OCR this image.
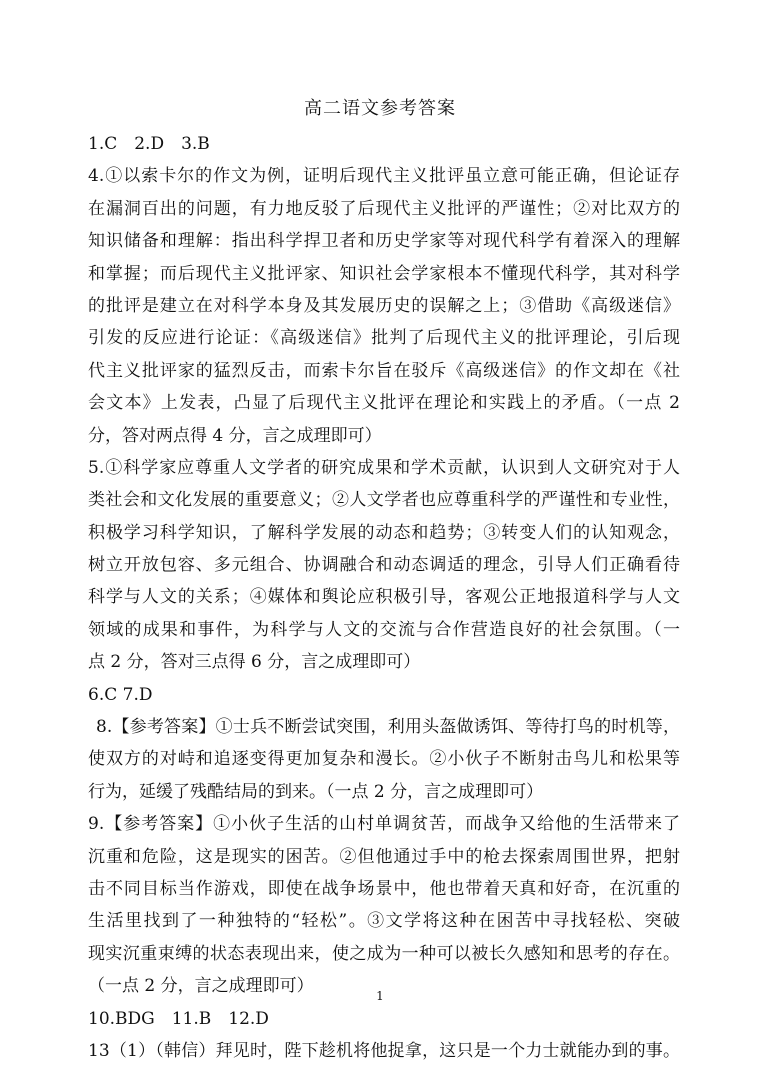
高二语文参考答案
1.C　2.D　3.B
4.①以索卡尔的作文为例，证明后现代主义批评虽立意可能正确，但论证存
在漏洞百出的问题，有力地反驳了后现代主义批评的严谨性；②对比双方的
知识储备和理解：指出科学捍卫者和历史学家等对现代科学有着深入的理解
和掌握；而后现代主义批评家、知识社会学家根本不懂现代科学，其对科学
的批评是建立在对科学本身及其发展历史的误解之上；③借助《高级迷信》
引发的反应进行论证：《高级迷信》批判了后现代主义的批评理论，引后现
代主义批评家的猛烈反击，而索卡尔旨在驳斥《高级迷信》的作文却在《社
会文本》上发表，凸显了后现代主义批评在理论和实践上的矛盾。（一点 2
分，答对两点得 4 分，言之成理即可）
5.①科学家应尊重人文学者的研究成果和学术贡献，认识到人文研究对于人
类社会和文化发展的重要意义；②人文学者也应尊重科学的严谨性和专业性，
积极学习科学知识，了解科学发展的动态和趋势；③转变人们的认知观念，
树立开放包容、多元组合、协调融合和动态调适的理念，引导人们正确看待
科学与人文的关系；④媒体和舆论应积极引导，客观公正地报道科学与人文
领域的成果和事件，为科学与人文的交流与合作营造良好的社会氛围。（一
点 2 分，答对三点得 6 分，言之成理即可）
6.C 7.D
8.【参考答案】①士兵不断尝试突围，利用头盔做诱饵、等待打鸟的时机等，
使双方的对峙和追逐变得更加复杂和漫长。②小伙子不断射击鸟儿和松果等
行为，延缓了残酷结局的到来。（一点 2 分，言之成理即可）
9.【参考答案】①小伙子生活的山村单调贫苦，而战争又给他的生活带来了
沉重和危险，这是现实的困苦。②但他通过手中的枪去探索周围世界，把射
击不同目标当作游戏，即使在战争场景中，他也带着天真和好奇，在沉重的
生活里找到了一种独特的“轻松”。③文学将这种在困苦中寻找轻松、突破
现实沉重束缚的状态表现出来，使之成为一种可以被长久感知和思考的存在。
（一点 2 分，言之成理即可）
10.BDG　11.B　12.D
13（1）（韩信）拜见时，陛下趁机将他捉拿，这只是一个力士就能办到的事。
1
